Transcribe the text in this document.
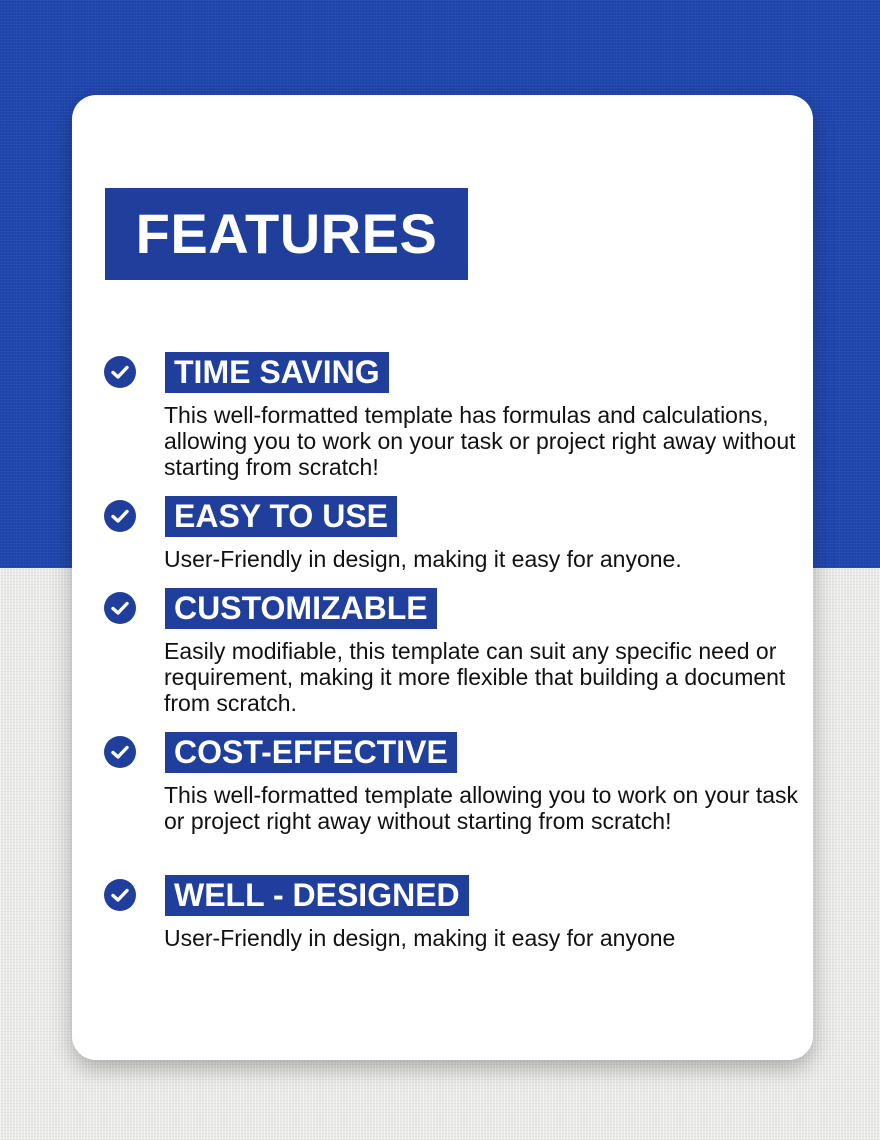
FEATURES
TIME SAVING

This well-formatted template has formulas and calculations, allowing you to work on your task or project right away without starting from scratch!

EASY TO USE

User-Friendly in design, making it easy for anyone.

CUSTOMIZABLE

Easily modifiable, this template can suit any specific need or requirement, making it more flexible that building a document from scratch.

COST-EFFECTIVE

This well-formatted template allowing you to work on your task or project right away without starting from scratch!

WELL - DESIGNED

User-Friendly in design, making it easy for anyone
